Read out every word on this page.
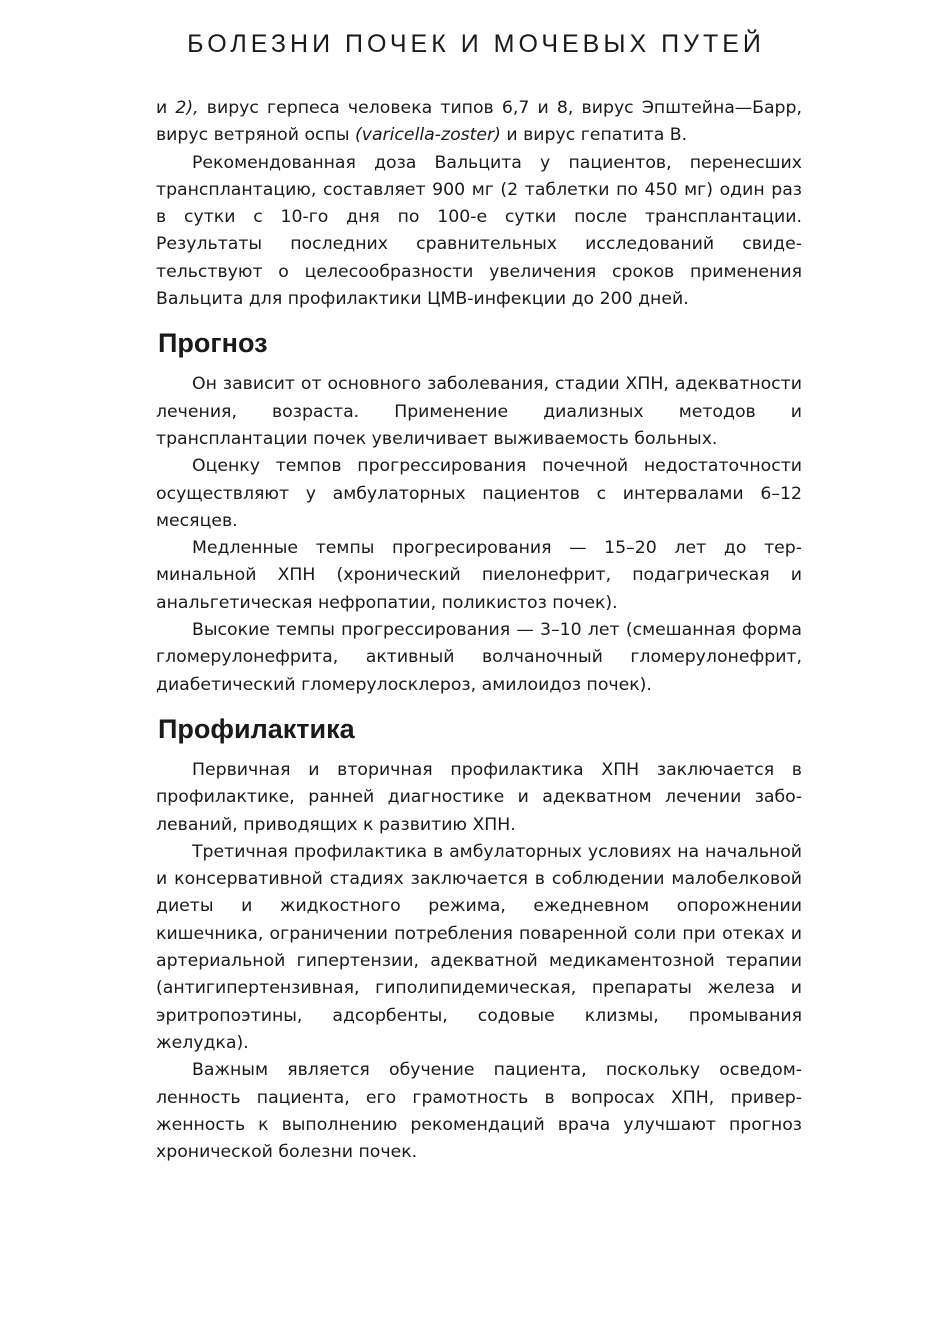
БОЛЕЗНИ ПОЧЕК И МОЧЕВЫХ ПУТЕЙ

и 2), вирус герпеса человека типов 6,7 и 8, вирус Эпштейна—Барр, вирус ветряной оспы (varicella-zoster) и вирус гепатита В.

Рекомендованная доза Вальцита у пациентов, перенесших трансплантацию, составляет 900 мг (2 таблетки по 450 мг) один раз в сутки с 10-го дня по 100-е сутки после трансплантации. Результаты последних сравнительных исследований свидетельствуют о целесообразности увеличения сроков применения Вальцита для профилактики ЦМВ-инфекции до 200 дней.

Прогноз

Он зависит от основного заболевания, стадии ХПН, адекватности лечения, возраста. Применение диализных методов и трансплантации почек увеличивает выживаемость больных.

Оценку темпов прогрессирования почечной недостаточности осуществляют у амбулаторных пациентов с интервалами 6–12 месяцев.

Медленные темпы прогресирования — 15–20 лет до терминальной ХПН (хронический пиелонефрит, подагрическая и анальгетическая нефропатии, поликистоз почек).

Высокие темпы прогрессирования — 3–10 лет (смешанная форма гломерулонефрита, активный волчаночный гломерулонефрит, диабетический гломерулосклероз, амилоидоз почек).

Профилактика

Первичная и вторичная профилактика ХПН заключается в профилактике, ранней диагностике и адекватном лечении заболеваний, приводящих к развитию ХПН.

Третичная профилактика в амбулаторных условиях на начальной и консервативной стадиях заключается в соблюдении малобелковой диеты и жидкостного режима, ежедневном опорожнении кишечника, ограничении потребления поваренной соли при отеках и артериальной гипертензии, адекватной медикаментозной терапии (антигипертензивная, гиполипидемическая, препараты железа и эритропоэтины, адсорбенты, содовые клизмы, промывания желудка).

Важным является обучение пациента, поскольку осведомленность пациента, его грамотность в вопросах ХПН, приверженность к выполнению рекомендаций врача улучшают прогноз хронической болезни почек.
